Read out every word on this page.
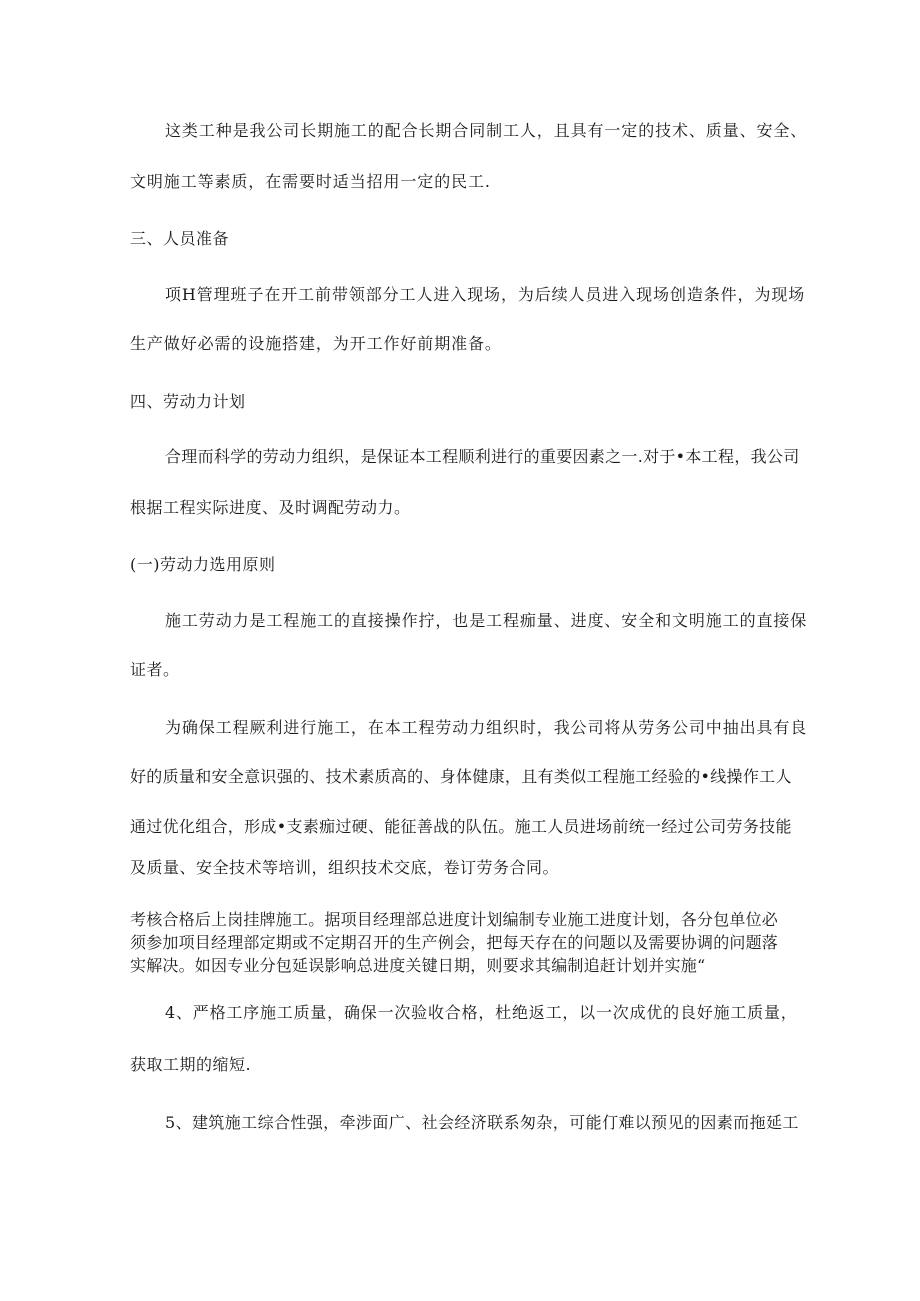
这类工种是我公司长期施工的配合长期合同制工人，且具有一定的技术、质量、安全、
文明施工等素质，在需要时适当招用一定的民工.
三、人员准备
项H管理班子在开工前带领部分工人进入现场，为后续人员进入现场创造条件，为现场
生产做好必需的设施搭建，为开工作好前期准备。
四、劳动力计划
合理而科学的劳动力组织，是保证本工程顺利进行的重要因素之一.对于•本工程，我公司
根据工程实际进度、及时调配劳动力。
(一)劳动力选用原则
施工劳动力是工程施工的直接操作拧，也是工程痂量、进度、安全和文明施工的直接保
证者。
为确保工程厥利进行施工，在本工程劳动力组织时，我公司将从劳务公司中抽出具有良
好的质量和安全意识强的、技术素质高的、身体健康，且有类似工程施工经验的•线操作工人
通过优化组合，形成•支素痂过硬、能征善战的队伍。施工人员进场前统一经过公司劳务技能
及质量、安全技术等培训，组织技术交底，卷订劳务合同。
考核合格后上岗挂牌施工。据项目经理部总进度计划编制专业施工进度计划，各分包单位必
须参加项目经理部定期或不定期召开的生产例会，把每天存在的问题以及需要协调的问题落
实解决。如因专业分包延误影响总进度关键日期，则要求其编制追赶计划并实施“
4、严格工序施工质量，确保一次验收合格，杜绝返工，以一次成优的良好施工质量，
获取工期的缩短.
5、建筑施工综合性强，牵涉面广、社会经济联系匆杂，可能仃难以预见的因素而拖延工
